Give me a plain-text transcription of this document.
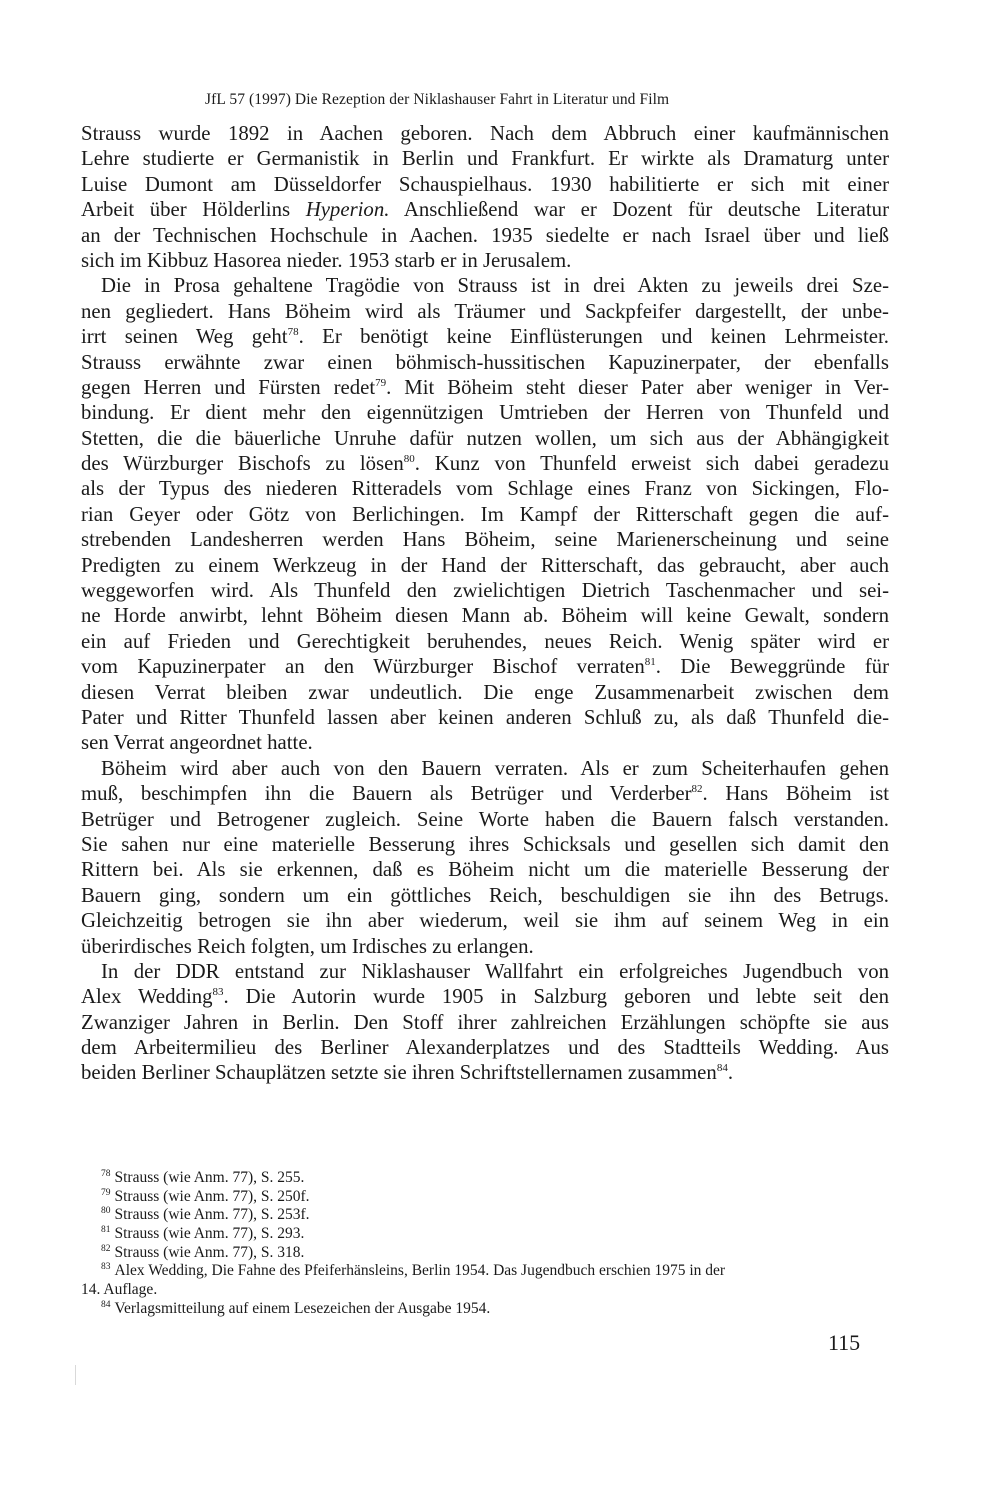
JfL 57 (1997) Die Rezeption der Niklashauser Fahrt in Literatur und Film
Strauss wurde 1892 in Aachen geboren. Nach dem Abbruch einer kaufmännischen
Lehre studierte er Germanistik in Berlin und Frankfurt. Er wirkte als Dramaturg unter
Luise Dumont am Düsseldorfer Schauspielhaus. 1930 habilitierte er sich mit einer
Arbeit über Hölderlins Hyperion. Anschließend war er Dozent für deutsche Literatur
an der Technischen Hochschule in Aachen. 1935 siedelte er nach Israel über und ließ
sich im Kibbuz Hasorea nieder. 1953 starb er in Jerusalem.
Die in Prosa gehaltene Tragödie von Strauss ist in drei Akten zu jeweils drei Sze-
nen gegliedert. Hans Böheim wird als Träumer und Sackpfeifer dargestellt, der unbe-
irrt seinen Weg geht$^{78}$. Er benötigt keine Einflüsterungen und keinen Lehrmeister.
Strauss erwähnte zwar einen böhmisch-hussitischen Kapuzinerpater, der ebenfalls
gegen Herren und Fürsten redet$^{79}$. Mit Böheim steht dieser Pater aber weniger in Ver-
bindung. Er dient mehr den eigennützigen Umtrieben der Herren von Thunfeld und
Stetten, die die bäuerliche Unruhe dafür nutzen wollen, um sich aus der Abhängigkeit
des Würzburger Bischofs zu lösen$^{80}$. Kunz von Thunfeld erweist sich dabei geradezu
als der Typus des niederen Ritteradels vom Schlage eines Franz von Sickingen, Flo-
rian Geyer oder Götz von Berlichingen. Im Kampf der Ritterschaft gegen die auf-
strebenden Landesherren werden Hans Böheim, seine Marienerscheinung und seine
Predigten zu einem Werkzeug in der Hand der Ritterschaft, das gebraucht, aber auch
weggeworfen wird. Als Thunfeld den zwielichtigen Dietrich Taschenmacher und sei-
ne Horde anwirbt, lehnt Böheim diesen Mann ab. Böheim will keine Gewalt, sondern
ein auf Frieden und Gerechtigkeit beruhendes, neues Reich. Wenig später wird er
vom Kapuzinerpater an den Würzburger Bischof verraten$^{81}$. Die Beweggründe für
diesen Verrat bleiben zwar undeutlich. Die enge Zusammenarbeit zwischen dem
Pater und Ritter Thunfeld lassen aber keinen anderen Schluß zu, als daß Thunfeld die-
sen Verrat angeordnet hatte.
Böheim wird aber auch von den Bauern verraten. Als er zum Scheiterhaufen gehen
muß, beschimpfen ihn die Bauern als Betrüger und Verderber$^{82}$. Hans Böheim ist
Betrüger und Betrogener zugleich. Seine Worte haben die Bauern falsch verstanden.
Sie sahen nur eine materielle Besserung ihres Schicksals und gesellen sich damit den
Rittern bei. Als sie erkennen, daß es Böheim nicht um die materielle Besserung der
Bauern ging, sondern um ein göttliches Reich, beschuldigen sie ihn des Betrugs.
Gleichzeitig betrogen sie ihn aber wiederum, weil sie ihm auf seinem Weg in ein
überirdisches Reich folgten, um Irdisches zu erlangen.
In der DDR entstand zur Niklashauser Wallfahrt ein erfolgreiches Jugendbuch von
Alex Wedding$^{83}$. Die Autorin wurde 1905 in Salzburg geboren und lebte seit den
Zwanziger Jahren in Berlin. Den Stoff ihrer zahlreichen Erzählungen schöpfte sie aus
dem Arbeitermilieu des Berliner Alexanderplatzes und des Stadtteils Wedding. Aus
beiden Berliner Schauplätzen setzte sie ihren Schriftstellernamen zusammen$^{84}$.
$^{78}$ Strauss (wie Anm. 77), S. 255.
$^{79}$ Strauss (wie Anm. 77), S. 250f.
$^{80}$ Strauss (wie Anm. 77), S. 253f.
$^{81}$ Strauss (wie Anm. 77), S. 293.
$^{82}$ Strauss (wie Anm. 77), S. 318.
$^{83}$ Alex Wedding, Die Fahne des Pfeiferhänsleins, Berlin 1954. Das Jugendbuch erschien 1975 in der
14. Auflage.
$^{84}$ Verlagsmitteilung auf einem Lesezeichen der Ausgabe 1954.
115
